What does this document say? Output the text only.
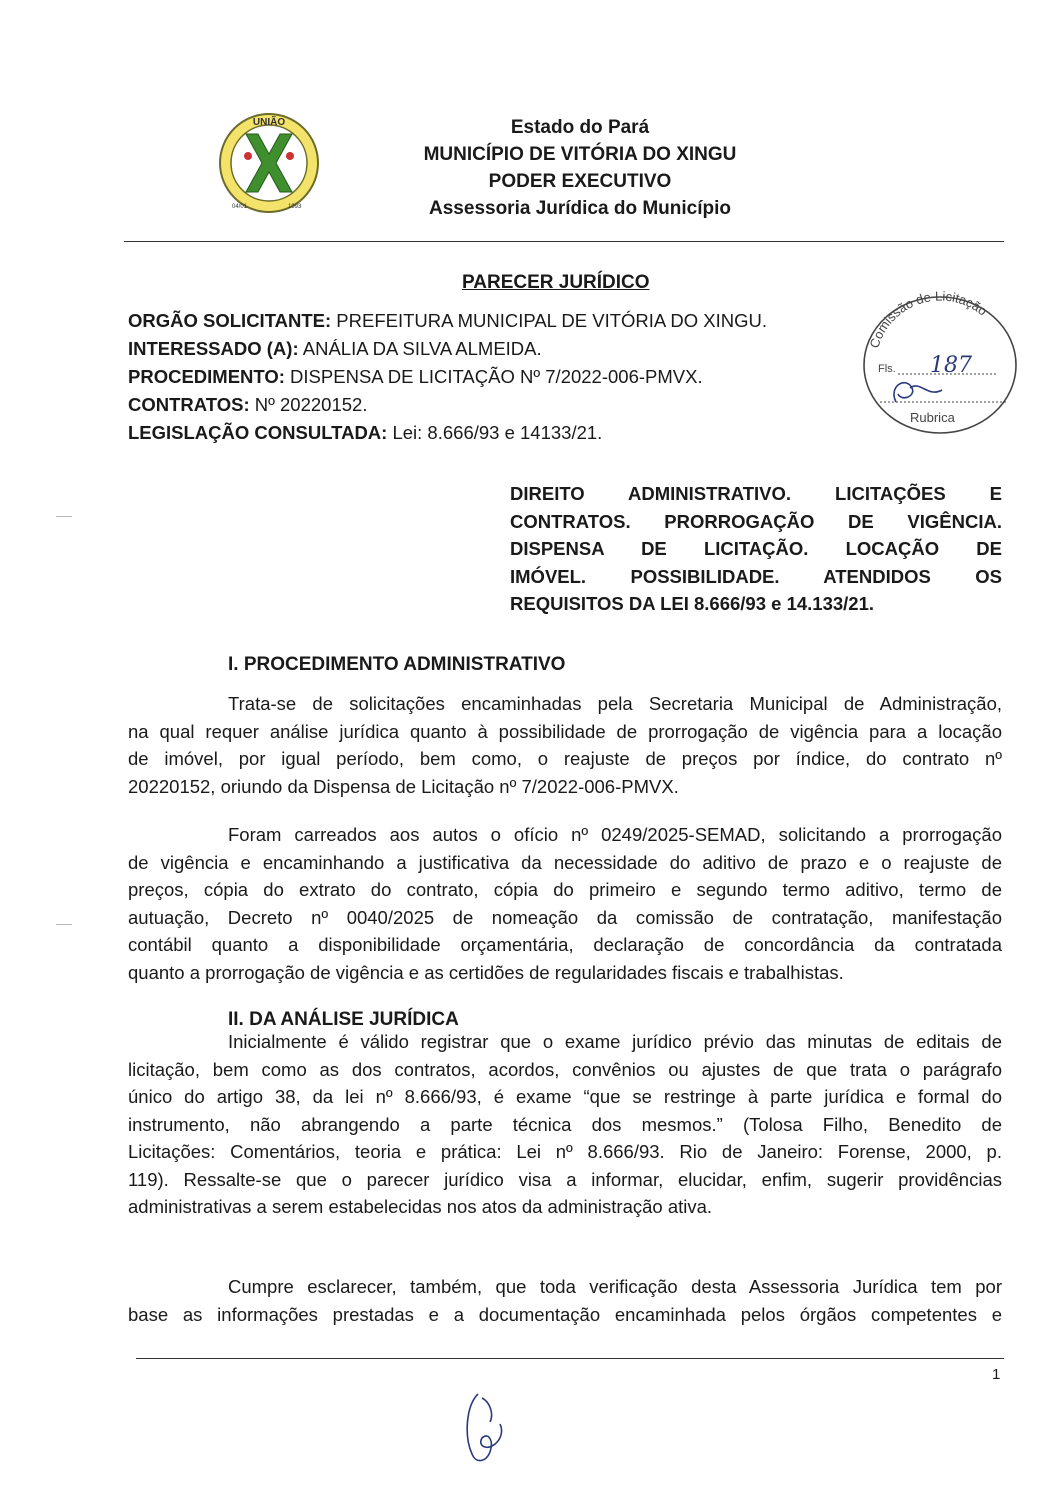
UNIÃO
04/01	1993
Estado do Pará
MUNICÍPIO DE VITÓRIA DO XINGU
PODER EXECUTIVO
Assessoria Jurídica do Município
PARECER JURÍDICO
ORGÃO SOLICITANTE: PREFEITURA MUNICIPAL DE VITÓRIA DO XINGU.
INTERESSADO (A): ANÁLIA DA SILVA ALMEIDA.
PROCEDIMENTO: DISPENSA DE LICITAÇÃO Nº 7/2022-006-PMVX.
CONTRATOS: Nº 20220152.
LEGISLAÇÃO CONSULTADA: Lei: 8.666/93 e 14133/21.
Comissão de Licitação
Fls. 187
Rubrica
DIREITO ADMINISTRATIVO. LICITAÇÕES E
CONTRATOS. PRORROGAÇÃO DE VIGÊNCIA.
DISPENSA DE LICITAÇÃO. LOCAÇÃO DE
IMÓVEL. POSSIBILIDADE. ATENDIDOS OS
REQUISITOS DA LEI 8.666/93 e 14.133/21.
I. PROCEDIMENTO ADMINISTRATIVO
Trata-se de solicitações encaminhadas pela Secretaria Municipal de Administração,
na qual requer análise jurídica quanto à possibilidade de prorrogação de vigência para a locação
de imóvel, por igual período, bem como, o reajuste de preços por índice, do contrato nº
20220152, oriundo da Dispensa de Licitação nº 7/2022-006-PMVX.
Foram carreados aos autos o ofício nº 0249/2025-SEMAD, solicitando a prorrogação
de vigência e encaminhando a justificativa da necessidade do aditivo de prazo e o reajuste de
preços, cópia do extrato do contrato, cópia do primeiro e segundo termo aditivo, termo de
autuação, Decreto nº 0040/2025 de nomeação da comissão de contratação, manifestação
contábil quanto a disponibilidade orçamentária, declaração de concordância da contratada
quanto a prorrogação de vigência e as certidões de regularidades fiscais e trabalhistas.
II. DA ANÁLISE JURÍDICA
Inicialmente é válido registrar que o exame jurídico prévio das minutas de editais de
licitação, bem como as dos contratos, acordos, convênios ou ajustes de que trata o parágrafo
único do artigo 38, da lei nº 8.666/93, é exame “que se restringe à parte jurídica e formal do
instrumento, não abrangendo a parte técnica dos mesmos.” (Tolosa Filho, Benedito de
Licitações: Comentários, teoria e prática: Lei nº 8.666/93. Rio de Janeiro: Forense, 2000, p.
119). Ressalte-se que o parecer jurídico visa a informar, elucidar, enfim, sugerir providências
administrativas a serem estabelecidas nos atos da administração ativa.
Cumpre esclarecer, também, que toda verificação desta Assessoria Jurídica tem por
base as informações prestadas e a documentação encaminhada pelos órgãos competentes e
1
